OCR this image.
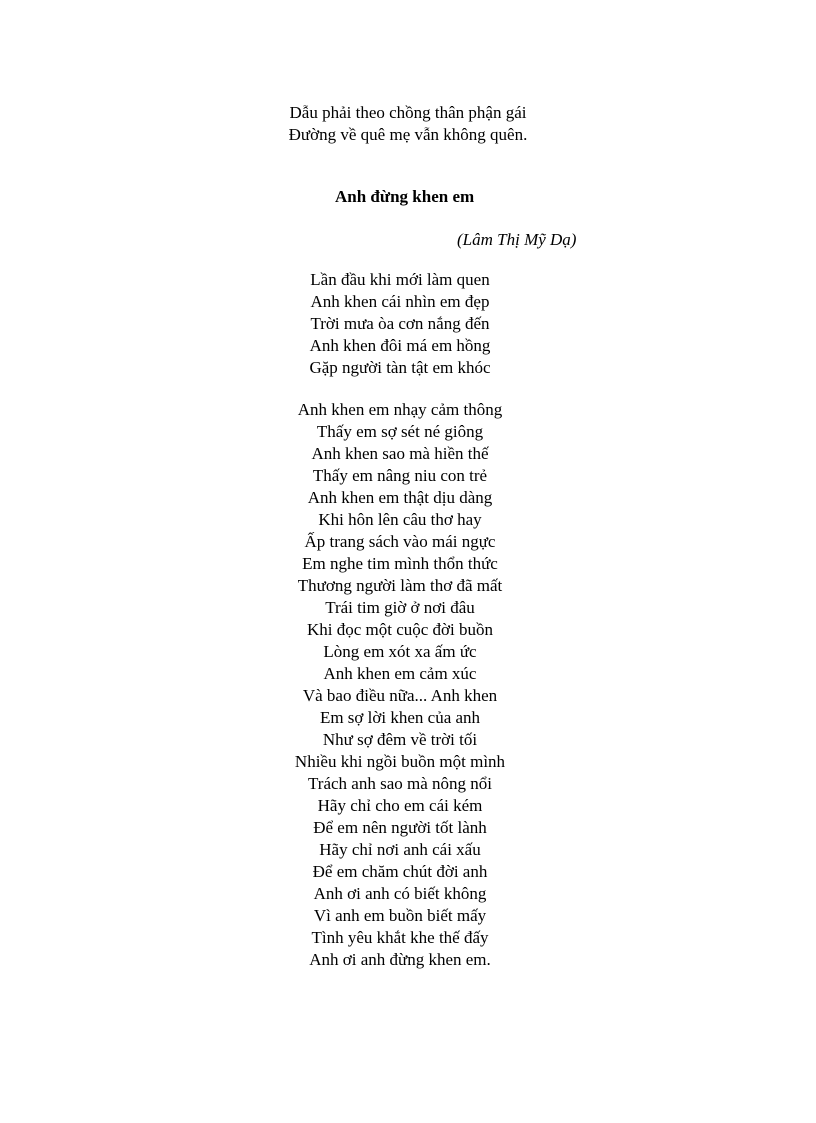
Dẫu phải theo chồng thân phận gái
Đường về quê mẹ vẫn không quên.
Anh đừng khen em
(Lâm Thị Mỹ Dạ)
Lần đầu khi mới làm quen
Anh khen cái nhìn em đẹp
Trời mưa òa cơn nắng đến
Anh khen đôi má em hồng
Gặp người tàn tật em khóc
Anh khen em nhạy cảm thông
Thấy em sợ sét né giông
Anh khen sao mà hiền thế
Thấy em nâng niu con trẻ
Anh khen em thật dịu dàng
Khi hôn lên câu thơ hay
Ấp trang sách vào mái ngực
Em nghe tim mình thổn thức
Thương người làm thơ đã mất
Trái tim giờ ở nơi đâu
Khi đọc một cuộc đời buồn
Lòng em xót xa ấm ức
Anh khen em cảm xúc
Và bao điều nữa... Anh khen
Em sợ lời khen của anh
Như sợ đêm về trời tối
Nhiều khi ngồi buồn một mình
Trách anh sao mà nông nổi
Hãy chỉ cho em cái kém
Để em nên người tốt lành
Hãy chỉ nơi anh cái xấu
Để em chăm chút đời anh
Anh ơi anh có biết không
Vì anh em buồn biết mấy
Tình yêu khắt khe thế đấy
Anh ơi anh đừng khen em.
